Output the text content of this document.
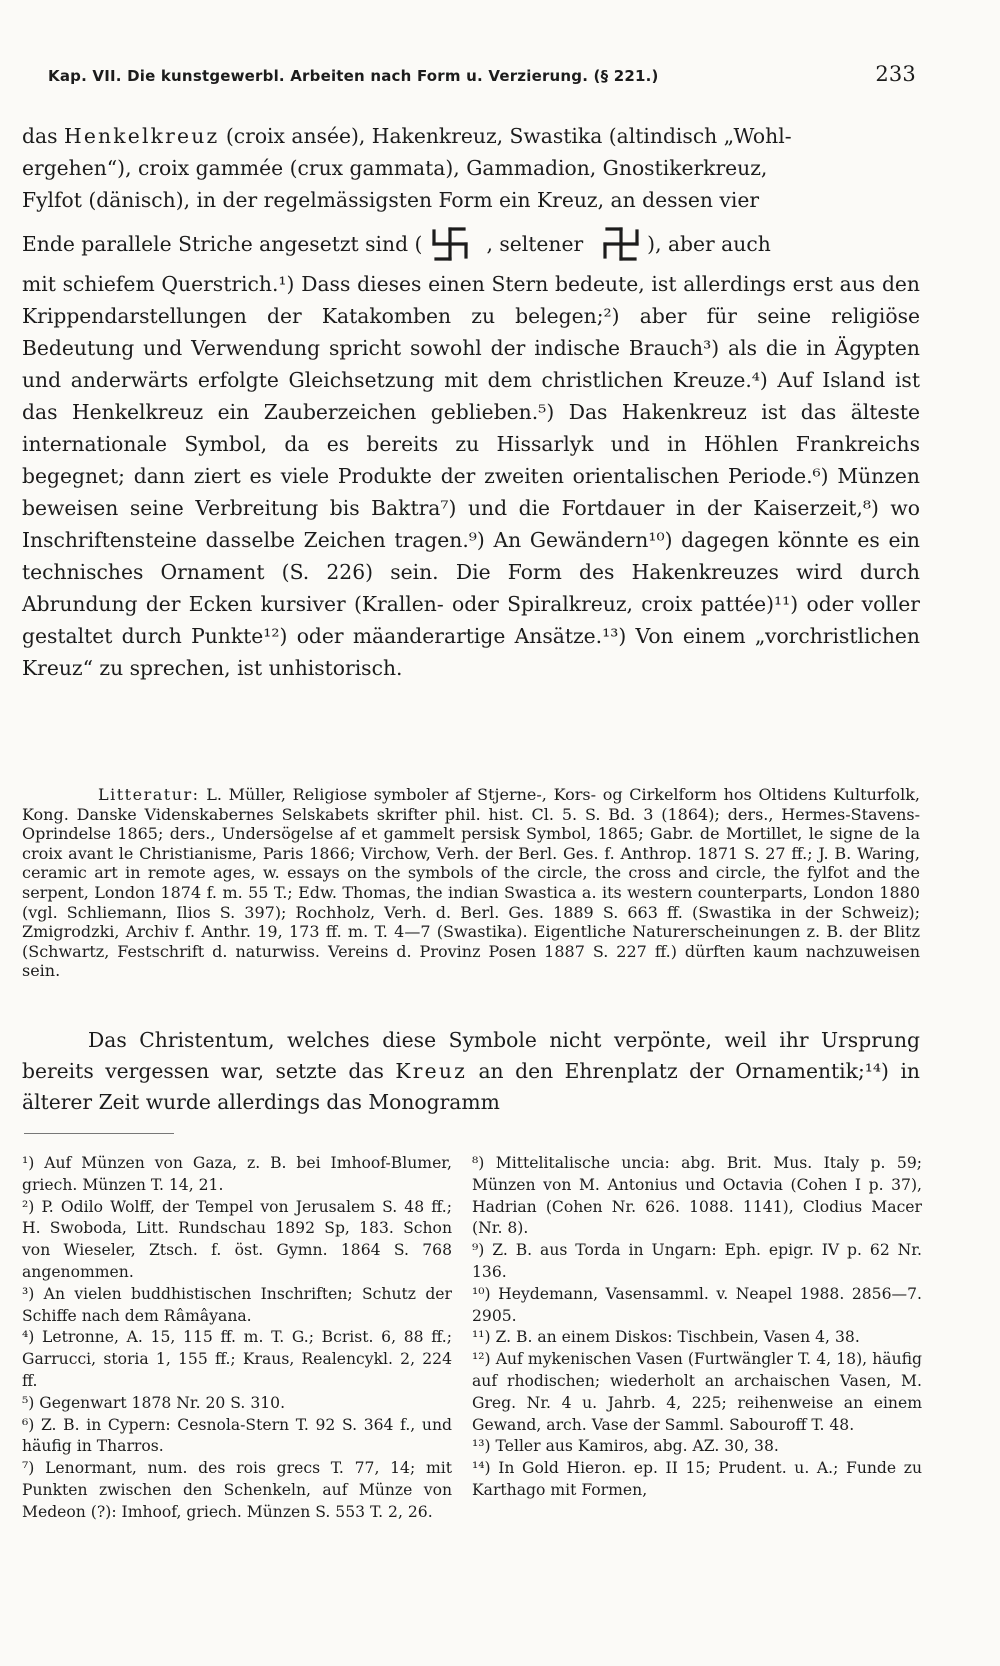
Kap. VII. Die kunstgewerbl. Arbeiten nach Form u. Verzierung. (§ 221.)	233

das Henkelkreuz (croix ansée), Hakenkreuz, Swastika (altindisch „Wohl-

ergehen“), croix gammée (crux gammata), Gammadion, Gnostikerkreuz,

Fylfot (dänisch), in der regelmässigsten Form ein Kreuz, an dessen vier

Ende parallele Striche angesetzt sind (	, seltener	), aber auch

mit schiefem Querstrich.¹) Dass dieses einen Stern bedeute, ist allerdings erst aus den Krippendarstellungen der Katakomben zu belegen;²) aber für seine religiöse Bedeutung und Verwendung spricht sowohl der indische Brauch³) als die in Ägypten und anderwärts erfolgte Gleichsetzung mit dem christlichen Kreuze.⁴) Auf Island ist das Henkelkreuz ein Zauberzeichen geblieben.⁵) Das Hakenkreuz ist das älteste internationale Symbol, da es bereits zu Hissarlyk und in Höhlen Frankreichs begegnet; dann ziert es viele Produkte der zweiten orientalischen Periode.⁶) Münzen beweisen seine Verbreitung bis Baktra⁷) und die Fortdauer in der Kaiserzeit,⁸) wo Inschriftensteine dasselbe Zeichen tragen.⁹) An Gewändern¹⁰) dagegen könnte es ein technisches Ornament (S. 226) sein. Die Form des Hakenkreuzes wird durch Abrundung der Ecken kursiver (Krallen- oder Spiralkreuz, croix pattée)¹¹) oder voller gestaltet durch Punkte¹²) oder mäanderartige Ansätze.¹³) Von einem „vorchristlichen Kreuz“ zu sprechen, ist unhistorisch.

Litteratur: L. Müller, Religiose symboler af Stjerne-, Kors- og Cirkelform hos Oltidens Kulturfolk, Kong. Danske Videnskabernes Selskabets skrifter phil. hist. Cl. 5. S. Bd. 3 (1864); ders., Hermes-Stavens-Oprindelse 1865; ders., Undersögelse af et gammelt persisk Symbol, 1865; Gabr. de Mortillet, le signe de la croix avant le Christianisme, Paris 1866; Virchow, Verh. der Berl. Ges. f. Anthrop. 1871 S. 27 ff.; J. B. Waring, ceramic art in remote ages, w. essays on the symbols of the circle, the cross and circle, the fylfot and the serpent, London 1874 f. m. 55 T.; Edw. Thomas, the indian Swastica a. its western counterparts, London 1880 (vgl. Schliemann, Ilios S. 397); Rochholz, Verh. d. Berl. Ges. 1889 S. 663 ff. (Swastika in der Schweiz); Zmigrodzki, Archiv f. Anthr. 19, 173 ff. m. T. 4—7 (Swastika). Eigentliche Naturerscheinungen z. B. der Blitz (Schwartz, Festschrift d. naturwiss. Vereins d. Provinz Posen 1887 S. 227 ff.) dürften kaum nachzuweisen sein.

Das Christentum, welches diese Symbole nicht verpönte, weil ihr Ursprung bereits vergessen war, setzte das Kreuz an den Ehrenplatz der Ornamentik;¹⁴) in älterer Zeit wurde allerdings das Monogramm

¹) Auf Münzen von Gaza, z. B. bei Imhoof-Blumer, griech. Münzen T. 14, 21.

²) P. Odilo Wolff, der Tempel von Jerusalem S. 48 ff.; H. Swoboda, Litt. Rundschau 1892 Sp, 183. Schon von Wieseler, Ztsch. f. öst. Gymn. 1864 S. 768 angenommen.

³) An vielen buddhistischen Inschriften; Schutz der Schiffe nach dem Râmâyana.

⁴) Letronne, A. 15, 115 ff. m. T. G.; Bcrist. 6, 88 ff.; Garrucci, storia 1, 155 ff.; Kraus, Realencykl. 2, 224 ff.

⁵) Gegenwart 1878 Nr. 20 S. 310.

⁶) Z. B. in Cypern: Cesnola-Stern T. 92 S. 364 f., und häufig in Tharros.

⁷) Lenormant, num. des rois grecs T. 77, 14; mit Punkten zwischen den Schenkeln, auf Münze von Medeon (?): Imhoof, griech. Münzen S. 553 T. 2, 26.

⁸) Mittelitalische uncia: abg. Brit. Mus. Italy p. 59; Münzen von M. Antonius und Octavia (Cohen I p. 37), Hadrian (Cohen Nr. 626. 1088. 1141), Clodius Macer (Nr. 8).

⁹) Z. B. aus Torda in Ungarn: Eph. epigr. IV p. 62 Nr. 136.

¹⁰) Heydemann, Vasensamml. v. Neapel 1988. 2856—7. 2905.

¹¹) Z. B. an einem Diskos: Tischbein, Vasen 4, 38.

¹²) Auf mykenischen Vasen (Furtwängler T. 4, 18), häufig auf rhodischen; wiederholt an archaischen Vasen, M. Greg. Nr. 4 u. Jahrb. 4, 225; reihenweise an einem Gewand, arch. Vase der Samml. Sabouroff T. 48.

¹³) Teller aus Kamiros, abg. AZ. 30, 38.

¹⁴) In Gold Hieron. ep. II 15; Prudent. u. A.; Funde zu Karthago mit Formen,
